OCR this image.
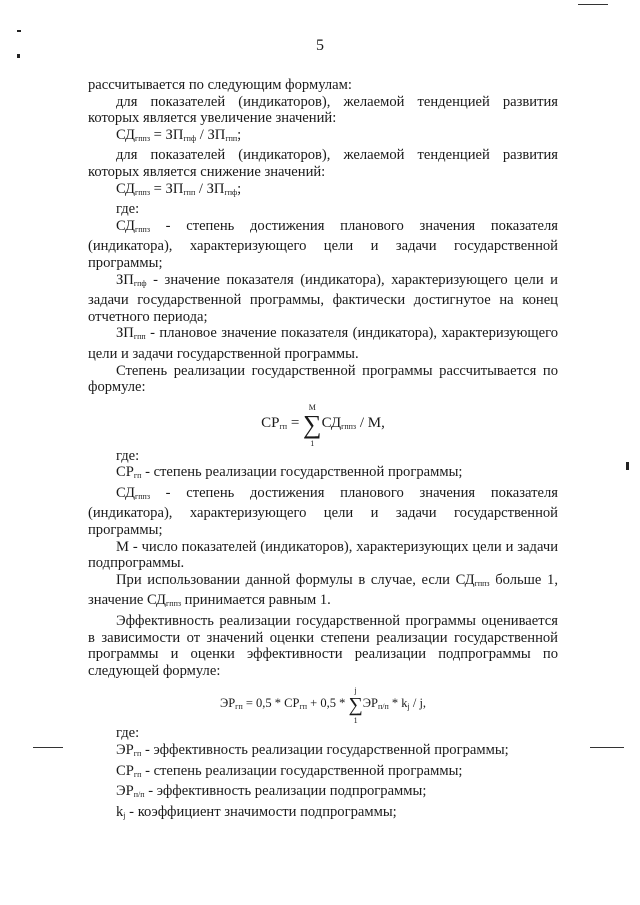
5

рассчитывается по следующим формулам:

для показателей (индикаторов), желаемой тенденцией развития которых является увеличение значений:

$СД_{гппз} = ЗП_{гпф} / ЗП_{гпп}$;

для показателей (индикаторов), желаемой тенденцией развития которых является снижение значений:

$СД_{гппз} = ЗП_{гпп} / ЗП_{гпф}$;

где:

$СД_{гппз}$ - степень достижения планового значения показателя (индикатора), характеризующего цели и задачи государственной программы;

$ЗП_{гпф}$ - значение показателя (индикатора), характеризующего цели и задачи государственной программы, фактически достигнутое на конец отчетного периода;

$ЗП_{гпп}$ - плановое значение показателя (индикатора), характеризующего цели и задачи государственной программы.

Степень реализации государственной программы рассчитывается по формуле:

$СР_{гп}$ = ∑
M
1
$СД_{гппз}$ / M,

где:

$СР_{гп}$ - степень реализации государственной программы;

$СД_{гппз}$ - степень достижения планового значения показателя (индикатора), характеризующего цели и задачи государственной программы;

M - число показателей (индикаторов), характеризующих цели и задачи подпрограммы.

При использовании данной формулы в случае, если $СД_{гппз}$ больше 1, значение $СД_{гппз}$ принимается равным 1.

Эффективность реализации государственной программы оценивается в зависимости от значений оценки степени реализации государственной программы и оценки эффективности реализации подпрограммы по следующей формуле:

$ЭР_{гп} = 0,5 * СР_{гп} + 0,5$ * ∑
j
1
$ЭР_{п/п} * k_j$ / j,

где:

$ЭР_{гп}$ - эффективность реализации государственной программы;

$СР_{гп}$ - степень реализации государственной программы;

$ЭР_{п/п}$ - эффективность реализации подпрограммы;

$k_j$ - коэффициент значимости подпрограммы;
